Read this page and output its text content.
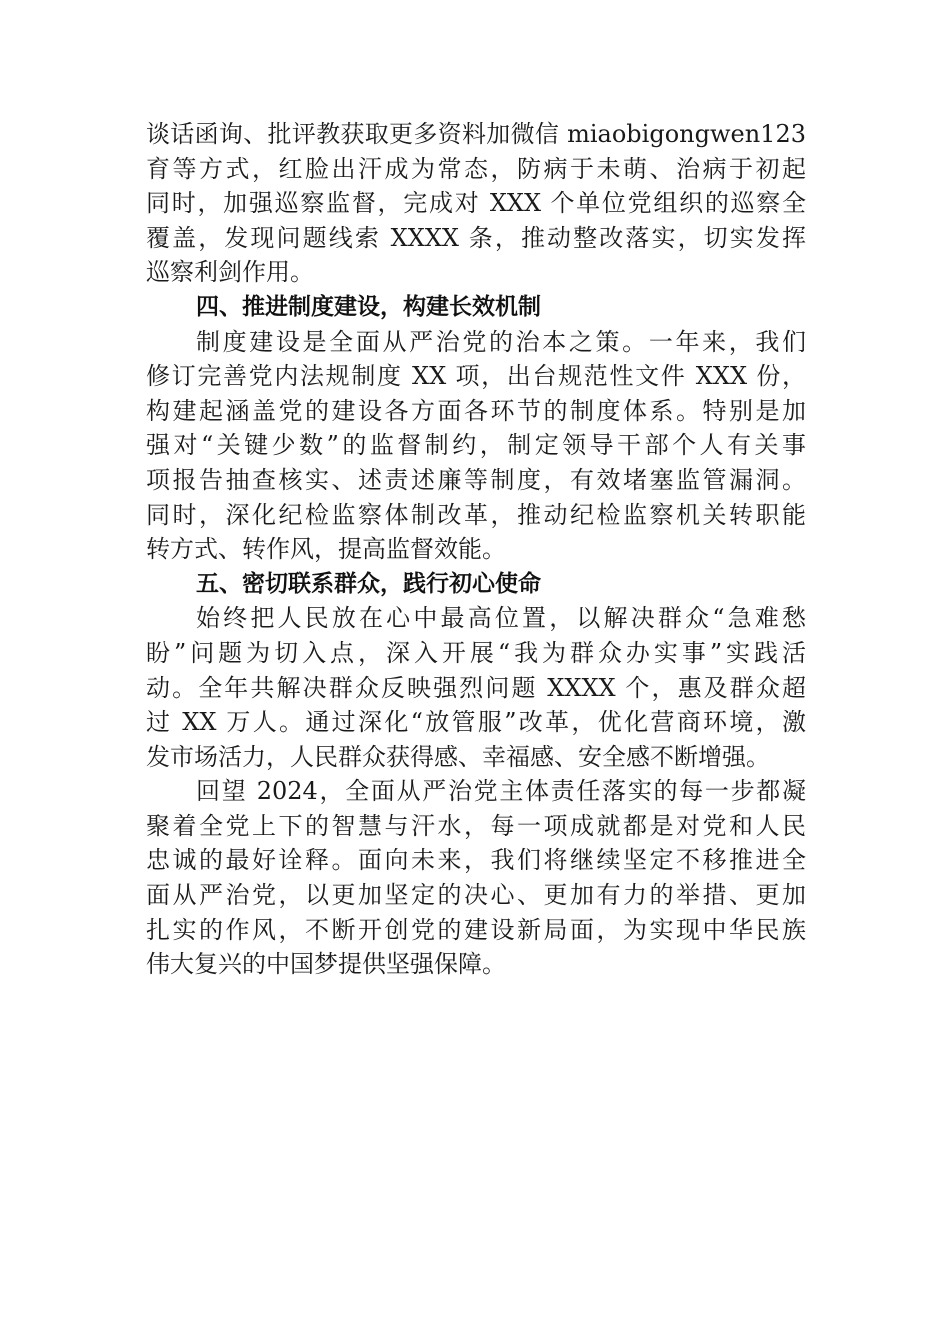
谈话函询、批评教获取更多资料加微信 miaobigongwen123
育等方式，红脸出汗成为常态，防病于未萌、治病于初起
同时，加强巡察监督，完成对 XXX 个单位党组织的巡察全
覆盖，发现问题线索 XXXX 条，推动整改落实，切实发挥
巡察利剑作用。
四、推进制度建设，构建长效机制
制度建设是全面从严治党的治本之策。一年来，我们
修订完善党内法规制度 XX 项，出台规范性文件 XXX 份，
构建起涵盖党的建设各方面各环节的制度体系。特别是加
强对“关键少数”的监督制约，制定领导干部个人有关事
项报告抽查核实、述责述廉等制度，有效堵塞监管漏洞。
同时，深化纪检监察体制改革，推动纪检监察机关转职能
转方式、转作风，提高监督效能。
五、密切联系群众，践行初心使命
始终把人民放在心中最高位置，以解决群众“急难愁
盼”问题为切入点，深入开展“我为群众办实事”实践活
动。全年共解决群众反映强烈问题 XXXX 个，惠及群众超
过 XX 万人。通过深化“放管服”改革，优化营商环境，激
发市场活力，人民群众获得感、幸福感、安全感不断增强。
回望 2024，全面从严治党主体责任落实的每一步都凝
聚着全党上下的智慧与汗水，每一项成就都是对党和人民
忠诚的最好诠释。面向未来，我们将继续坚定不移推进全
面从严治党，以更加坚定的决心、更加有力的举措、更加
扎实的作风，不断开创党的建设新局面，为实现中华民族
伟大复兴的中国梦提供坚强保障。
